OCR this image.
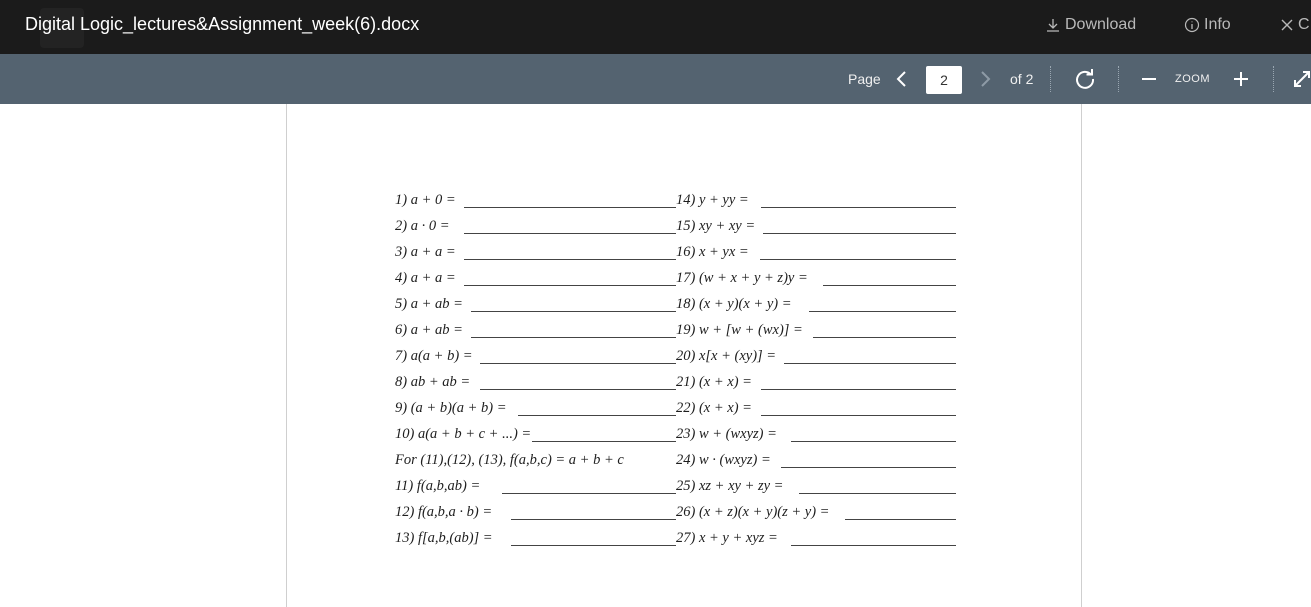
Digital Logic_lectures&Assignment_week(6).docx	Download	Info	C
Page
2	of 2	ZOOM
1) a + 0 =
2) a · 0 =
3) a + a =
4) a + a =
5) a + ab =
6) a + ab =
7) a(a + b) =
8) ab + ab =
9) (a + b)(a + b) =
10) a(a + b + c + ...) =
For (11),(12), (13), f(a,b,c) = a + b + c
11) f(a,b,ab) =
12) f(a,b,a · b) =
13) f[a,b,(ab)] =
14) y + yy =
15) xy + xy =
16) x + yx =
17) (w + x + y + z)y =
18) (x + y)(x + y) =
19) w + [w + (wx)] =
20) x[x + (xy)] =
21) (x + x) =
22) (x + x) =
23) w + (wxyz) =
24) w · (wxyz) =
25) xz + xy + zy =
26) (x + z)(x + y)(z + y) =
27) x + y + xyz =
